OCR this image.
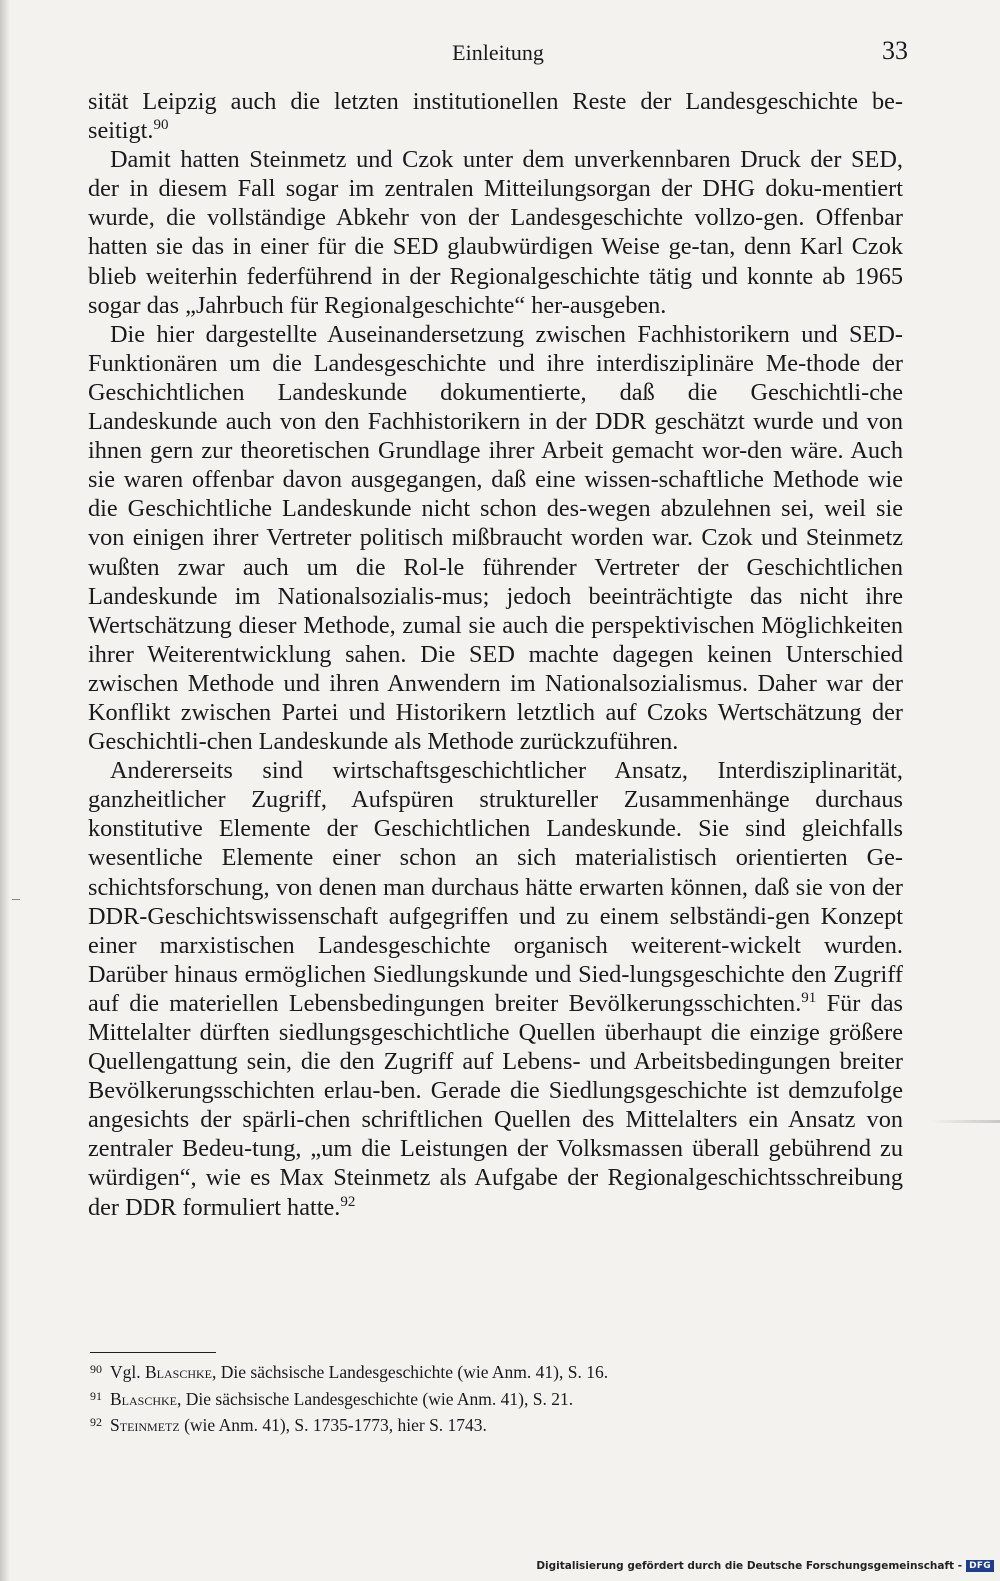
Einleitung	33

sität Leipzig auch die letzten institutionellen Reste der Landesgeschichte be-seitigt.$^{90}$

Damit hatten Steinmetz und Czok unter dem unverkennbaren Druck der SED, der in diesem Fall sogar im zentralen Mitteilungsorgan der DHG doku-mentiert wurde, die vollständige Abkehr von der Landesgeschichte vollzo-gen. Offenbar hatten sie das in einer für die SED glaubwürdigen Weise ge-tan, denn Karl Czok blieb weiterhin federführend in der Regionalgeschichte tätig und konnte ab 1965 sogar das „Jahrbuch für Regionalgeschichte“ her-ausgeben.

Die hier dargestellte Auseinandersetzung zwischen Fachhistorikern und SED-Funktionären um die Landesgeschichte und ihre interdisziplinäre Me-thode der Geschichtlichen Landeskunde dokumentierte, daß die Geschichtli-che Landeskunde auch von den Fachhistorikern in der DDR geschätzt wurde und von ihnen gern zur theoretischen Grundlage ihrer Arbeit gemacht wor-den wäre. Auch sie waren offenbar davon ausgegangen, daß eine wissen-schaftliche Methode wie die Geschichtliche Landeskunde nicht schon des-wegen abzulehnen sei, weil sie von einigen ihrer Vertreter politisch mißbraucht worden war. Czok und Steinmetz wußten zwar auch um die Rol-le führender Vertreter der Geschichtlichen Landeskunde im Nationalsozialis-mus; jedoch beeinträchtigte das nicht ihre Wertschätzung dieser Methode, zumal sie auch die perspektivischen Möglichkeiten ihrer Weiterentwicklung sahen. Die SED machte dagegen keinen Unterschied zwischen Methode und ihren Anwendern im Nationalsozialismus. Daher war der Konflikt zwischen Partei und Historikern letztlich auf Czoks Wertschätzung der Geschichtli-chen Landeskunde als Methode zurückzuführen.

Andererseits sind wirtschaftsgeschichtlicher Ansatz, Interdisziplinarität, ganzheitlicher Zugriff, Aufspüren struktureller Zusammenhänge durchaus konstitutive Elemente der Geschichtlichen Landeskunde. Sie sind gleichfalls wesentliche Elemente einer schon an sich materialistisch orientierten Ge-schichtsforschung, von denen man durchaus hätte erwarten können, daß sie von der DDR-Geschichtswissenschaft aufgegriffen und zu einem selbständi-gen Konzept einer marxistischen Landesgeschichte organisch weiterent-wickelt wurden. Darüber hinaus ermöglichen Siedlungskunde und Sied-lungsgeschichte den Zugriff auf die materiellen Lebensbedingungen breiter Bevölkerungsschichten.$^{91}$ Für das Mittelalter dürften siedlungsgeschichtliche Quellen überhaupt die einzige größere Quellengattung sein, die den Zugriff auf Lebens- und Arbeitsbedingungen breiter Bevölkerungsschichten erlau-ben. Gerade die Siedlungsgeschichte ist demzufolge angesichts der spärli-chen schriftlichen Quellen des Mittelalters ein Ansatz von zentraler Bedeu-tung, „um die Leistungen der Volksmassen überall gebührend zu würdigen“, wie es Max Steinmetz als Aufgabe der Regionalgeschichtsschreibung der DDR formuliert hatte.$^{92}$

$^{90}$ Vgl. Blaschke, Die sächsische Landesgeschichte (wie Anm. 41), S. 16.
$^{91}$ Blaschke, Die sächsische Landesgeschichte (wie Anm. 41), S. 21.
$^{92}$ Steinmetz (wie Anm. 41), S. 1735-1773, hier S. 1743.
Digitalisierung gefördert durch die Deutsche Forschungsgemeinschaft - DFG
